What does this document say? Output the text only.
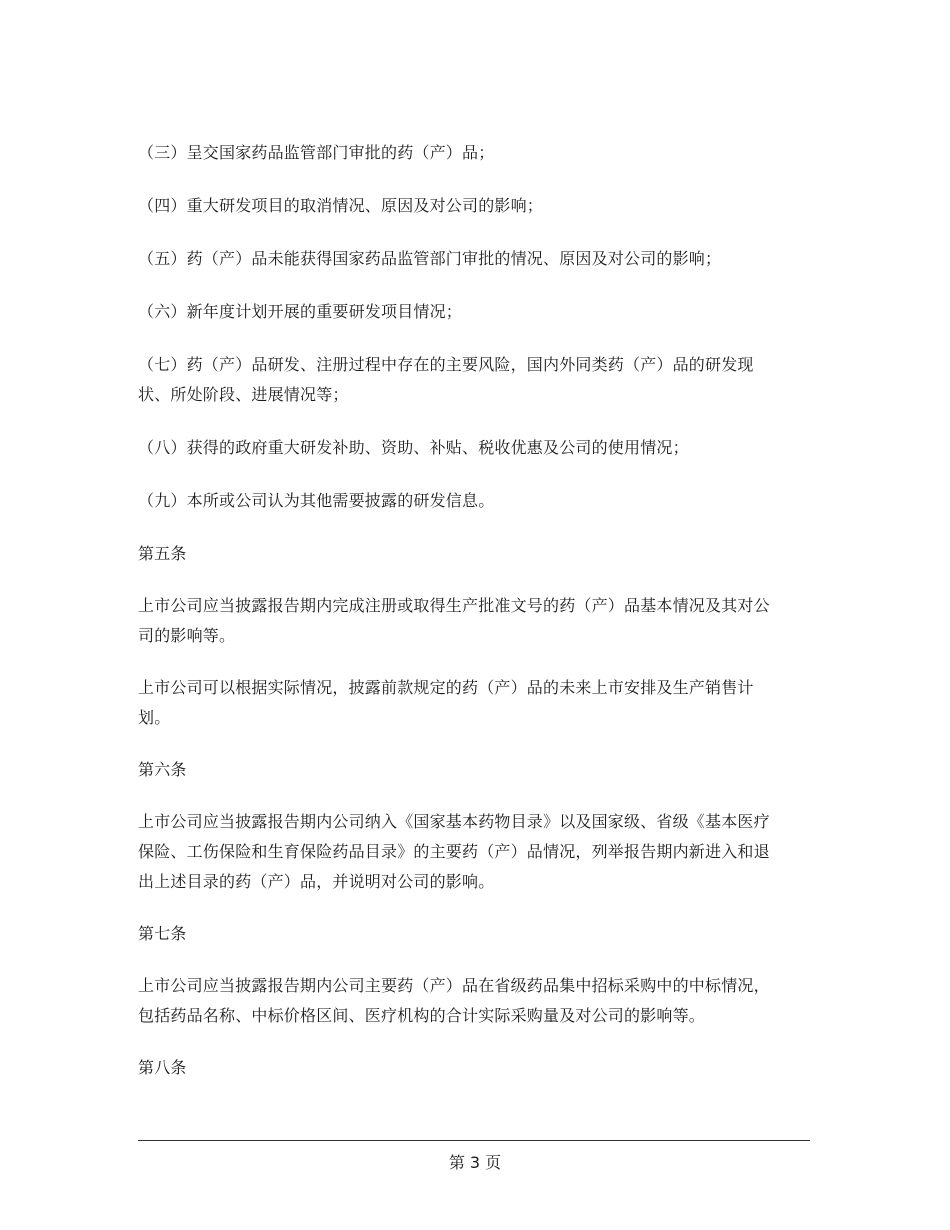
（三）呈交国家药品监管部门审批的药（产）品；

（四）重大研发项目的取消情况、原因及对公司的影响；

（五）药（产）品未能获得国家药品监管部门审批的情况、原因及对公司的影响；

（六）新年度计划开展的重要研发项目情况；

（七）药（产）品研发、注册过程中存在的主要风险，国内外同类药（产）品的研发现状、所处阶段、进展情况等；

（八）获得的政府重大研发补助、资助、补贴、税收优惠及公司的使用情况；

（九）本所或公司认为其他需要披露的研发信息。

第五条

上市公司应当披露报告期内完成注册或取得生产批准文号的药（产）品基本情况及其对公司的影响等。

上市公司可以根据实际情况，披露前款规定的药（产）品的未来上市安排及生产销售计划。

第六条

上市公司应当披露报告期内公司纳入《国家基本药物目录》以及国家级、省级《基本医疗保险、工伤保险和生育保险药品目录》的主要药（产）品情况，列举报告期内新进入和退出上述目录的药（产）品，并说明对公司的影响。

第七条

上市公司应当披露报告期内公司主要药（产）品在省级药品集中招标采购中的中标情况，包括药品名称、中标价格区间、医疗机构的合计实际采购量及对公司的影响等。

第八条

第 3 页
